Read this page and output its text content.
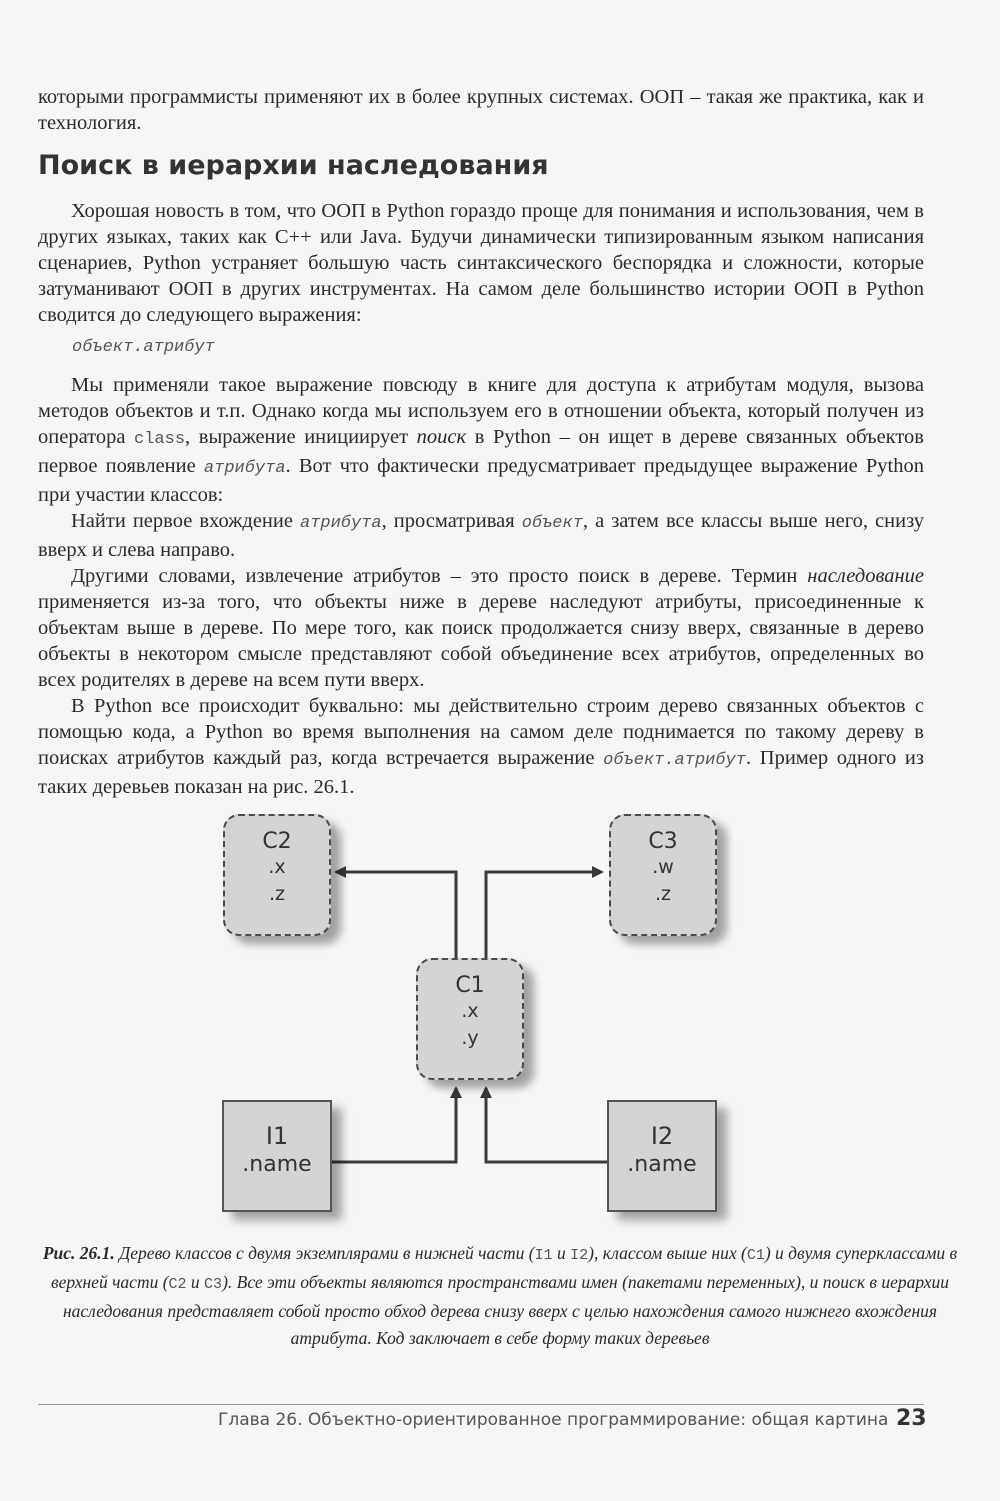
которыми программисты применяют их в более крупных системах. ООП – такая же практика, как и технология.

Поиск в иерархии наследования

Хорошая новость в том, что ООП в Python гораздо проще для понимания и использования, чем в других языках, таких как С++ или Java. Будучи динамически типизированным языком написания сценариев, Python устраняет большую часть синтаксического беспорядка и сложности, которые затуманивают ООП в других инструментах. На самом деле большинство истории ООП в Python сводится до следующего выражения:

объект.атрибут

Мы применяли такое выражение повсюду в книге для доступа к атрибутам модуля, вызова методов объектов и т.п. Однако когда мы используем его в отношении объекта, который получен из оператора class, выражение инициирует поиск в Python – он ищет в дереве связанных объектов первое появление атрибута. Вот что фактически предусматривает предыдущее выражение Python при участии классов:

Найти первое вхождение атрибута, просматривая объект, а затем все классы выше него, снизу вверх и слева направо.

Другими словами, извлечение атрибутов – это просто поиск в дереве. Термин наследование применяется из-за того, что объекты ниже в дереве наследуют атрибуты, присоединенные к объектам выше в дереве. По мере того, как поиск продолжается снизу вверх, связанные в дерево объекты в некотором смысле представляют собой объединение всех атрибутов, определенных во всех родителях в дереве на всем пути вверх.

В Python все происходит буквально: мы действительно строим дерево связанных объектов с помощью кода, а Python во время выполнения на самом деле поднимается по такому дереву в поисках атрибутов каждый раз, когда встречается выражение объект.атрибут. Пример одного из таких деревьев показан на рис. 26.1.

C2
.x
.z
C3
.w
.z
C1
.x
.y
I1
.name
I2
.name
Рис. 26.1. Дерево классов с двумя экземплярами в нижней части (I1 и I2), классом выше них (C1) и двумя суперклассами в верхней части (C2 и C3). Все эти объекты являются пространствами имен (пакетами переменных), и поиск в иерархии наследования представляет собой просто обход дерева снизу вверх с целью нахождения самого нижнего вхождения атрибута. Код заключает в себе форму таких деревьев
Глава 26. Объектно-ориентированное программирование: общая картина 23
